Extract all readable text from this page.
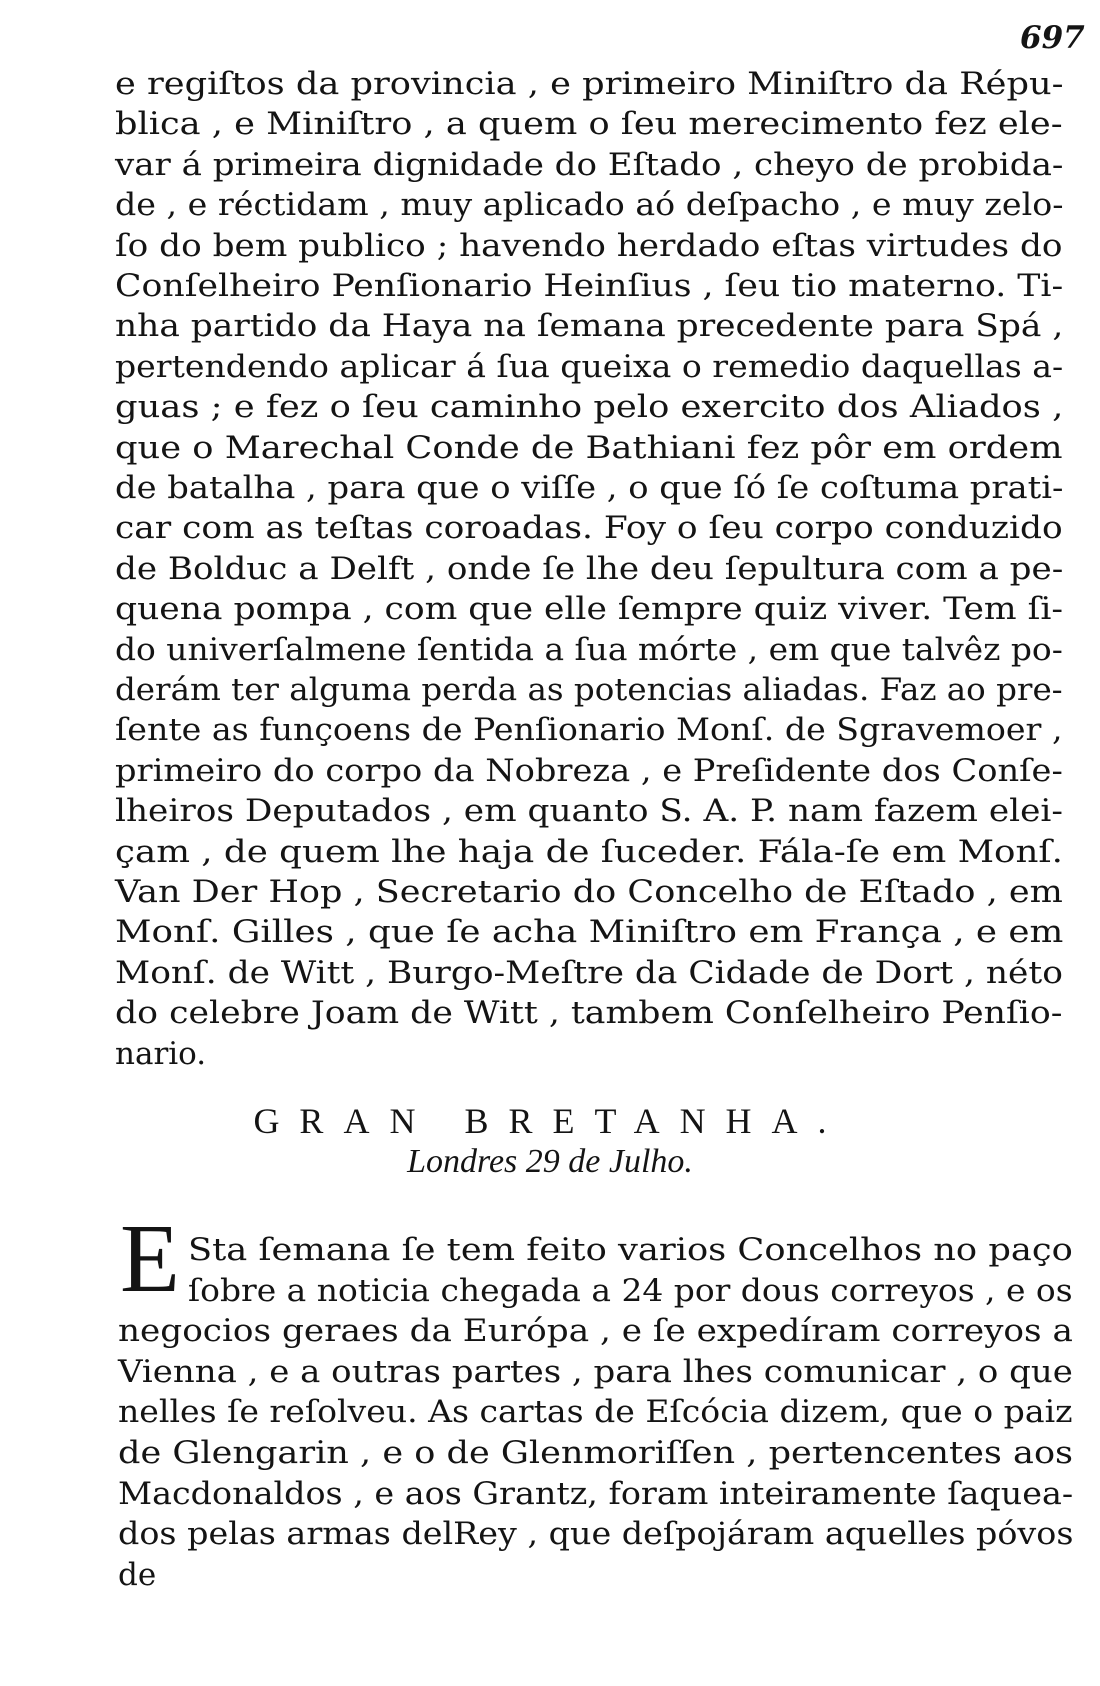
697
e regiſtos da provincia , e primeiro Miniſtro da Répu-
blica , e Miniſtro , a quem o ſeu merecimento fez ele-
var á primeira dignidade do Eſtado , cheyo de probida-
de , e réctidam , muy aplicado aó deſpacho , e muy zelo-
ſo do bem publico ; havendo herdado eſtas virtudes do
Conſelheiro Penſionario Heinſius , ſeu tio materno. Ti-
nha partido da Haya na ſemana precedente para Spá ,
pertendendo aplicar á ſua queixa o remedio daquellas a-
guas ; e fez o ſeu caminho pelo exercito dos Aliados ,
que o Marechal Conde de Bathiani fez pôr em ordem
de batalha , para que o viſſe , o que ſó ſe coſtuma prati-
car com as teſtas coroadas. Foy o ſeu corpo conduzido
de Bolduc a Delft , onde ſe lhe deu ſepultura com a pe-
quena pompa , com que elle ſempre quiz viver. Tem ſi-
do univerſalmene ſentida a ſua mórte , em que talvêz po-
derám ter alguma perda as potencias aliadas. Faz ao pre-
ſente as funçoens de Penſionario Monſ. de Sgravemoer ,
primeiro do corpo da Nobreza , e Preſidente dos Conſe-
lheiros Deputados , em quanto S. A. P. nam fazem elei-
çam , de quem lhe haja de ſuceder. Fála-ſe em Monſ.
Van Der Hop , Secretario do Concelho de Eſtado , em
Monſ. Gilles , que ſe acha Miniſtro em França , e em
Monſ. de Witt , Burgo-Meſtre da Cidade de Dort , néto
do celebre Joam de Witt , tambem Conſelheiro Penſio-
nario.
GRAN BRETANHA.
Londres 29 de Julho.
E Sta ſemana ſe tem feito varios Concelhos no paço
ſobre a noticia chegada a 24 por dous correyos , e os
negocios geraes da Európa , e ſe expedíram correyos a
Vienna , e a outras partes , para lhes comunicar , o que
nelles ſe reſolveu. As cartas de Eſcócia dizem, que o paiz
de Glengarin , e o de Glenmoriſſen , pertencentes aos
Macdonaldos , e aos Grantz, foram inteiramente ſaquea-
dos pelas armas delRey , que deſpojáram aquelles póvos
de
